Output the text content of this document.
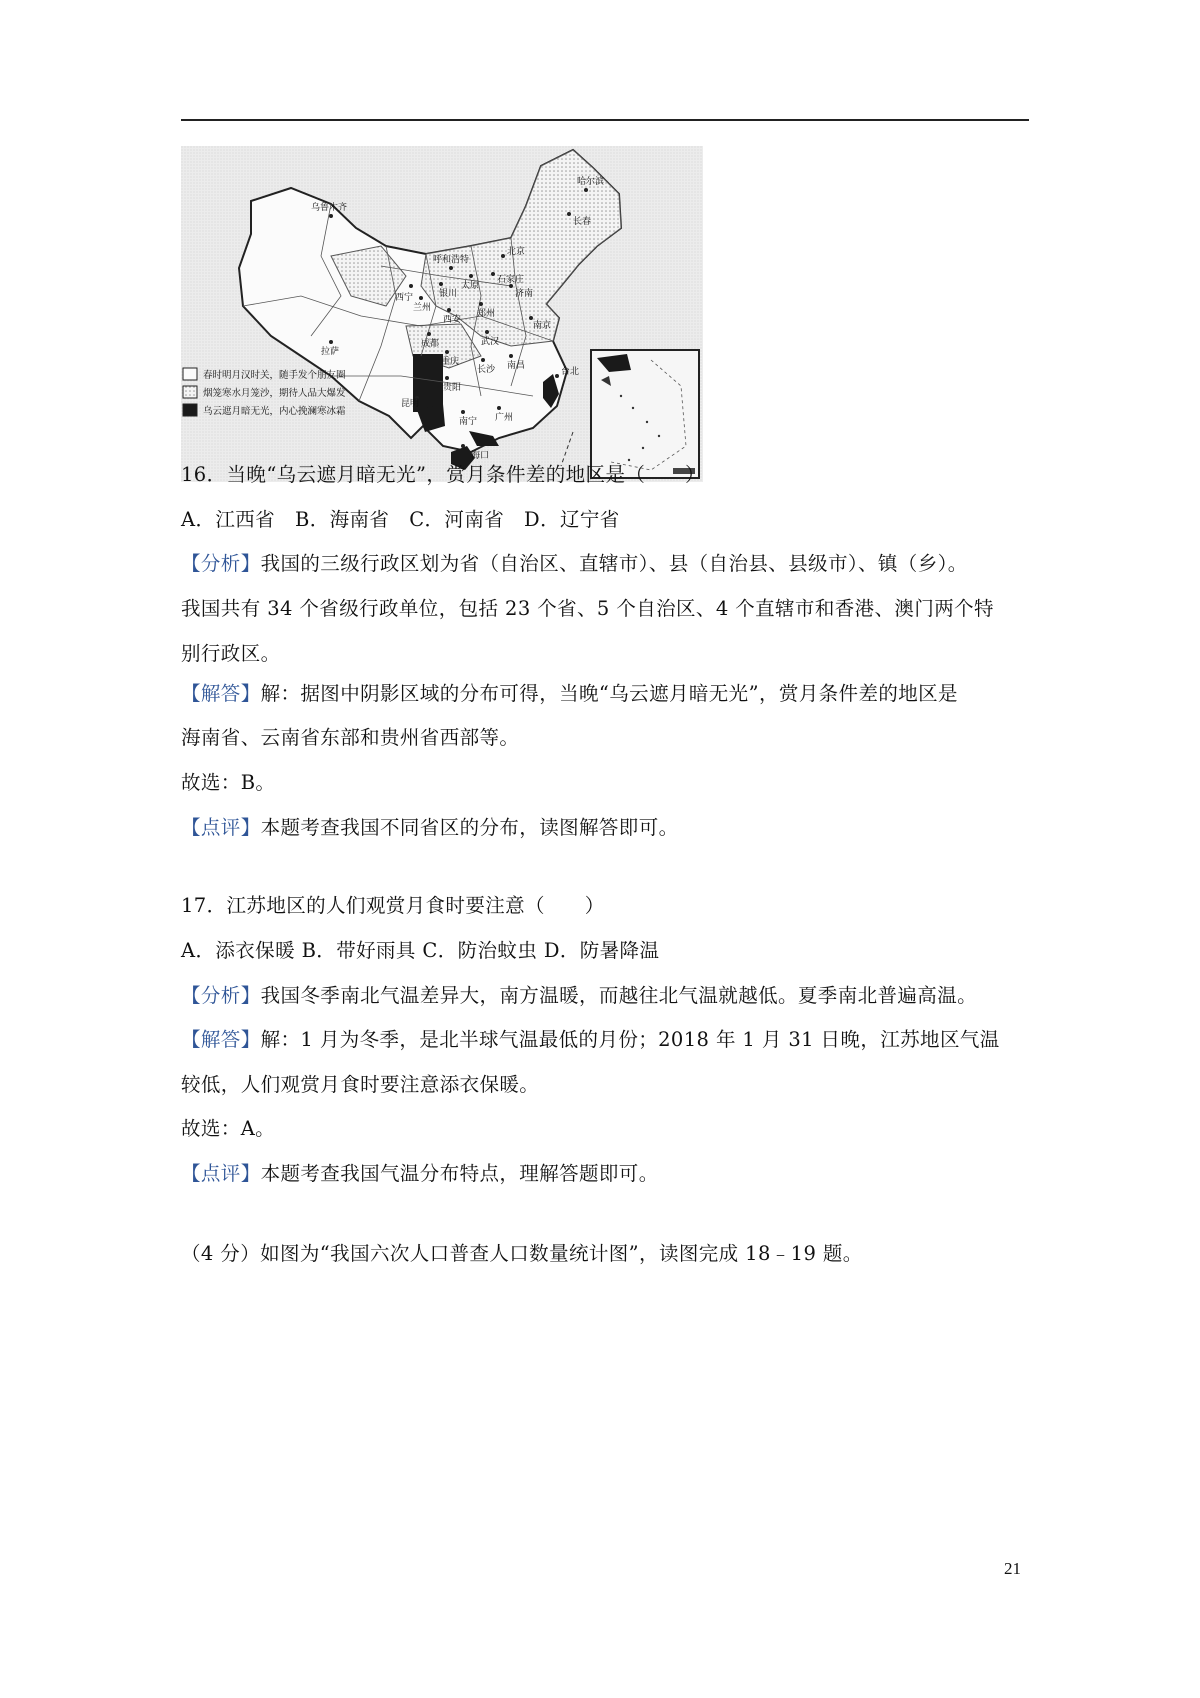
乌鲁木齐
哈尔滨
长春
呼和浩特
北京
太原
石家庄
西宁	银川
兰州
郑州
济南
西安
拉萨
成都	武汉
南京
重庆
长沙 南昌
贵阳
昆明
南宁 广州
台北
海口
春时明月汉时关，随手发个朋友圈
烟笼寒水月笼沙，期待人品大爆发
乌云遮月暗无光，内心挽澜寒冰霜
16．当晚“乌云遮月暗无光”，赏月条件差的地区是（　　）
A．江西省　B．海南省　C．河南省　D．辽宁省
【分析】我国的三级行政区划为省（自治区、直辖市）、县（自治县、县级市）、镇（乡）。
我国共有 34 个省级行政单位，包括 23 个省、5 个自治区、4 个直辖市和香港、澳门两个特
别行政区。
【解答】解：据图中阴影区域的分布可得，当晚“乌云遮月暗无光”，赏月条件差的地区是
海南省、云南省东部和贵州省西部等。
故选：B。
【点评】本题考查我国不同省区的分布，读图解答即可。
17．江苏地区的人们观赏月食时要注意（　　）
A．添衣保暖 B．带好雨具 C．防治蚊虫 D．防暑降温
【分析】我国冬季南北气温差异大，南方温暖，而越往北气温就越低。夏季南北普遍高温。
【解答】解：1 月为冬季，是北半球气温最低的月份；2018 年 1 月 31 日晚，江苏地区气温
较低，人们观赏月食时要注意添衣保暖。
故选：A。
【点评】本题考查我国气温分布特点，理解答题即可。
（4 分）如图为“我国六次人口普查人口数量统计图”，读图完成 18﹣19 题。
21
